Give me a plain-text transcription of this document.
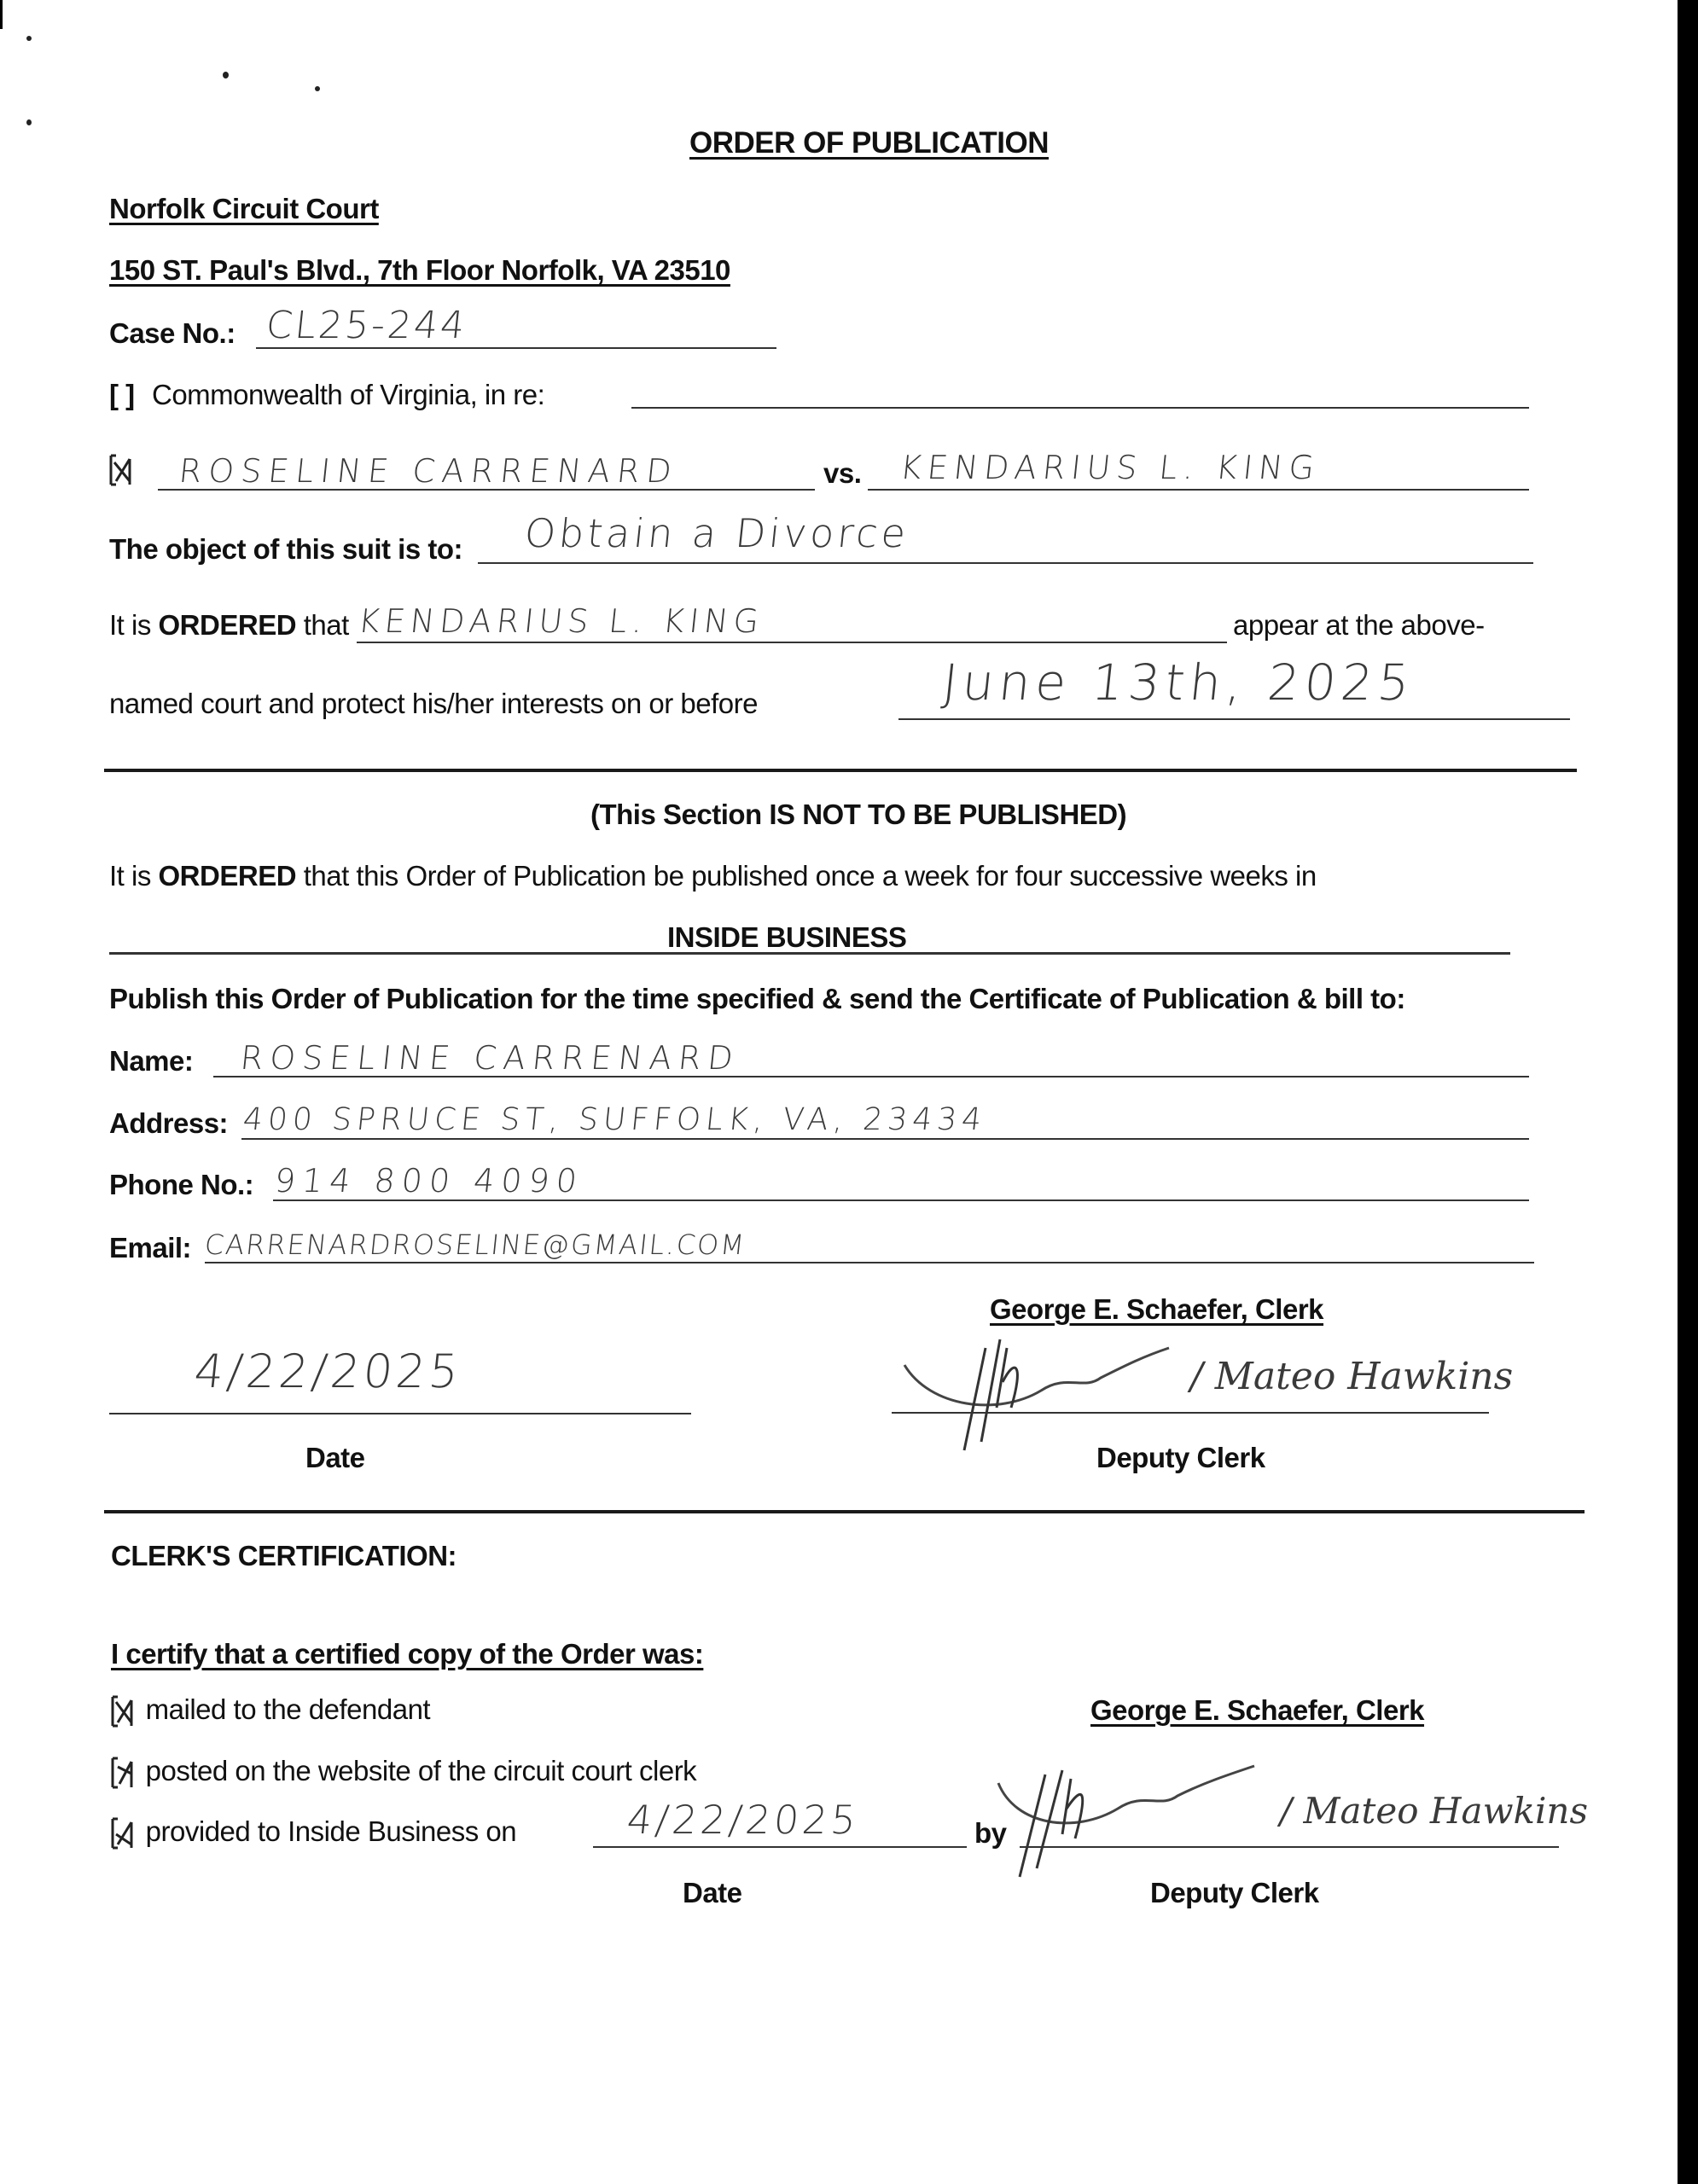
ORDER OF PUBLICATION
Norfolk Circuit Court
150 ST. Paul's Blvd., 7th Floor Norfolk, VA 23510
Case No.: CL25-244
[ ] Commonwealth of Virginia, in re:
ROSELINE CARRENARD	vs. KENDARIUS L. KING
The object of this suit is to: Obtain a Divorce
It is ORDERED that KENDARIUS L. KING	appear at the above-
named court and protect his/her interests on or before	June 13th, 2025
(This Section IS NOT TO BE PUBLISHED)
It is ORDERED that this Order of Publication be published once a week for four successive weeks in
INSIDE BUSINESS
Publish this Order of Publication for the time specified & send the Certificate of Publication & bill to:
Name: ROSELINE CARRENARD
Address: 400 SPRUCE ST, SUFFOLK, VA, 23434
Phone No.: 914 800 4090
Email: CARRENARDROSELINE@GMAIL.COM
George E. Schaefer, Clerk
4/22/2025
Date
/ Mateo Hawkins
Deputy Clerk
CLERK'S CERTIFICATION:
I certify that a certified copy of the Order was:
mailed to the defendant	George E. Schaefer, Clerk
posted on the website of the circuit court clerk
provided to Inside Business on	4/22/2025	by
/ Mateo Hawkins
Date	Deputy Clerk
